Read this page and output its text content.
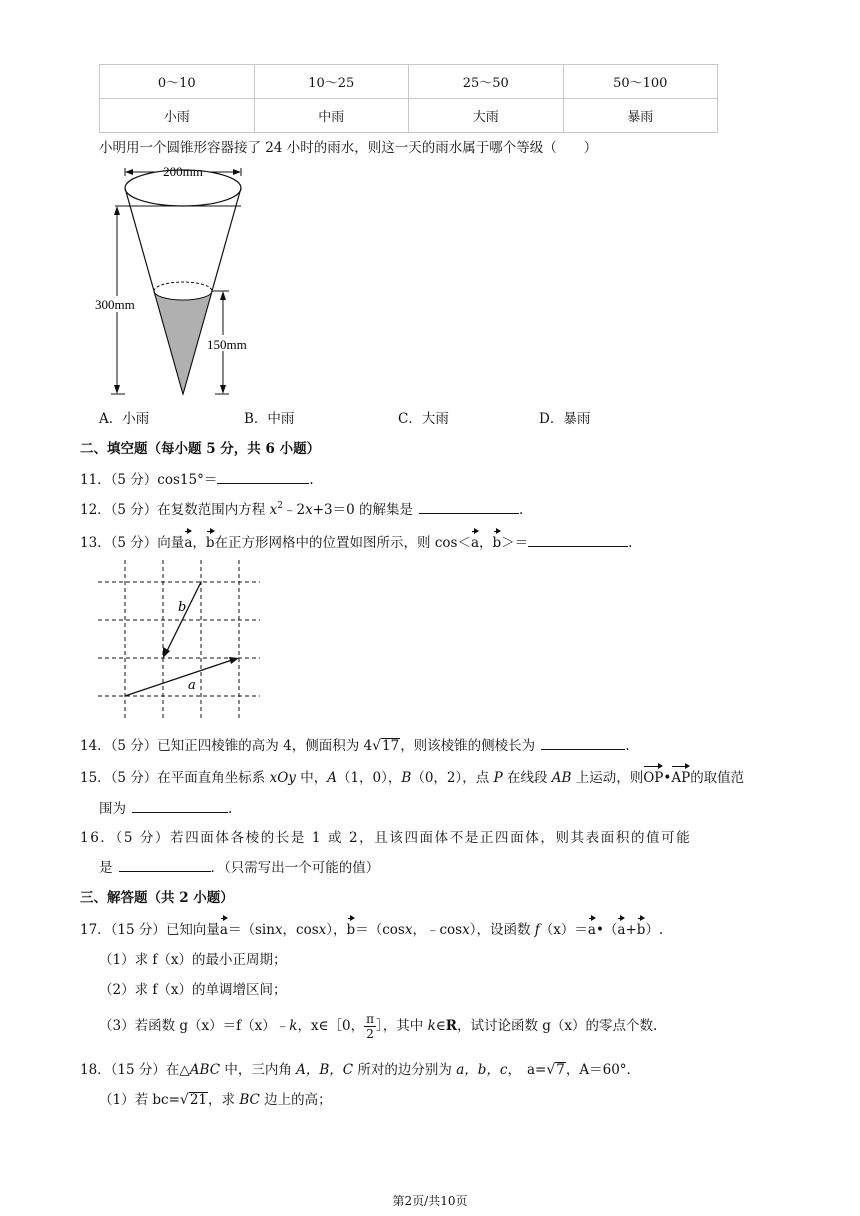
0～10	10～25	25～50	50～100
小雨	中雨	大雨	暴雨
小明用一个圆锥形容器接了 24 小时的雨水，则这一天的雨水属于哪个等级（　　）
200mm
300mm
150mm
A．小雨	B．中雨	C．大雨	D．暴雨
二、填空题（每小题 5 分，共 6 小题）
11．（5 分）cos15°＝	.
12．（5 分）在复数范围内方程 $x^2﹣2x+3=0$ 的解集是	.
13．（5 分）向量a，b在正方形网格中的位置如图所示，则 cos＜a，b＞＝	.
b
a
14．（5 分）已知正四棱锥的高为 4，侧面积为 4√17，则该棱锥的侧棱长为	.
15．（5 分）在平面直角坐标系 xOy 中，A（1，0），B（0，2），点 P 在线段 AB 上运动，则OP•AP的取值范
围为	.
16．（5 分）若四面体各棱的长是 1 或 2，且该四面体不是正四面体，则其表面积的值可能
是	．（只需写出一个可能的值）
三、解答题（共 2 小题）
17．（15 分）已知向量a＝（sinx，cosx），b＝（cosx，﹣cosx），设函数 f（x）＝a•（a+b）.
（1）求 f（x）的最小正周期；
（2）求 f（x）的单调增区间；
（3）若函数 g（x）＝f（x）﹣k，x∈［0， $\frac{\pi}{2}$ ］，其中 k∈R，试讨论函数 g（x）的零点个数.
18．（15 分）在△ABC 中，三内角 A，B，C 所对的边分别为 a，b，c， a=√7，A＝60°．
（1）若 bc=√21，求 BC 边上的高；
第2页/共10页
